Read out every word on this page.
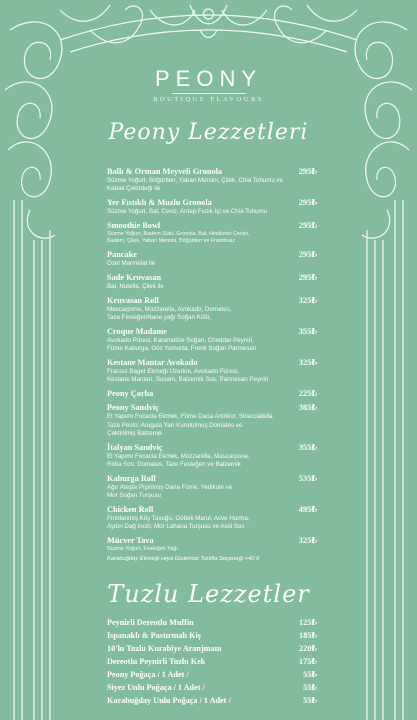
PEONY
BOUTIQUE FLAVOURS
Peony Lezzetleri
Ballı & Orman Meyveli Gronola	295₺
Süzme Yoğurt, Böğürtlen, Yaban Mersini, Çilek, Chia Tohumu ve
Kabak Çekirdeği ile
Yer Fıstıklı & Muzlu Gronola	295₺
Süzme Yoğurt, Bal, Ceviz, Antep Fıstık İçi ve Chia Tohumu
Smoothie Bowl	295₺
Süzme Yoğurt, Badem Sütü, Gronola, Bal, Hindistan Cevizi,
Badem, Çilek, Yaban Mersini, Böğürtlen ve Frambuaz
Pancake	295₺
Özel Marmelat ile
Sade Kruvasan	295₺
Bal, Nutella, Çilek ile
Kruvasan Roll	325₺
Mascarpone, Mozzarella, Avokado, Domates,
Taze FesleğenNane yağı Soğan Külü,
Croque Madame	355₺
Avokado Püresi, Karamelize Soğan, Cheddar Peyniri,
Füme Kaburga, Göz Yumurta, Frenk Soğan Parmesan
Kestane Mantar Avokado	325₺
Fransız Baget Ekmeği Üzerine, Avokado Püresi,
Kestane Mantarı, Susam, Balzemik Sos, Parmesan Peyniri
Peony Çorba	225₺
Peony Sandviç	385₺
El Yapımı Focacia Ekmek, Füme Dana Antrikot, Stracciatella
Taze Pesto, Arugula Yarı Kurutulmuş Domates ve
Çektirilmiş Balzemik
İtalyan Sandviç	355₺
El Yapımı Focacia Ekmek, Mozzarella, Mascarpone,
Roka Sos, Domates, Taze Fesleğen ve Balzemik
Kaburga Roll	535₺
Ağır Ateşte Pişirilmiş Dana Füme, Yedikule ve
Mor Soğan Turşusu
Chicken Roll	495₺
Fırınlanmış Köy Tavuğu, Göbek Marul, Acve Hurma,
Aydın Dağ İnciri, Mor Lahana Turşusu ve Aioli Sos
Mücver Tava	325₺
Süzme Yoğurt, Fesleğen Yağı
Karabuğday Ekmeği veya Glutensiz Tortilla Seçeneği +40 tl
Tuzlu Lezzetler
Peynirli Dereotlu Muffin	125₺
Ispanaklı & Pastırmalı Kiş	185₺
10'lu Tuzlu Kurabiye Aranjmanı	220₺
Dereotlu Peynirli Tuzlu Kek	175₺
Peony Poğaça / 1 Adet /	55₺
Siyez Unlu Poğaça / 1 Adet /	55₺
Karabuğday Unlu Poğaça / 1 Adet /	55₺
